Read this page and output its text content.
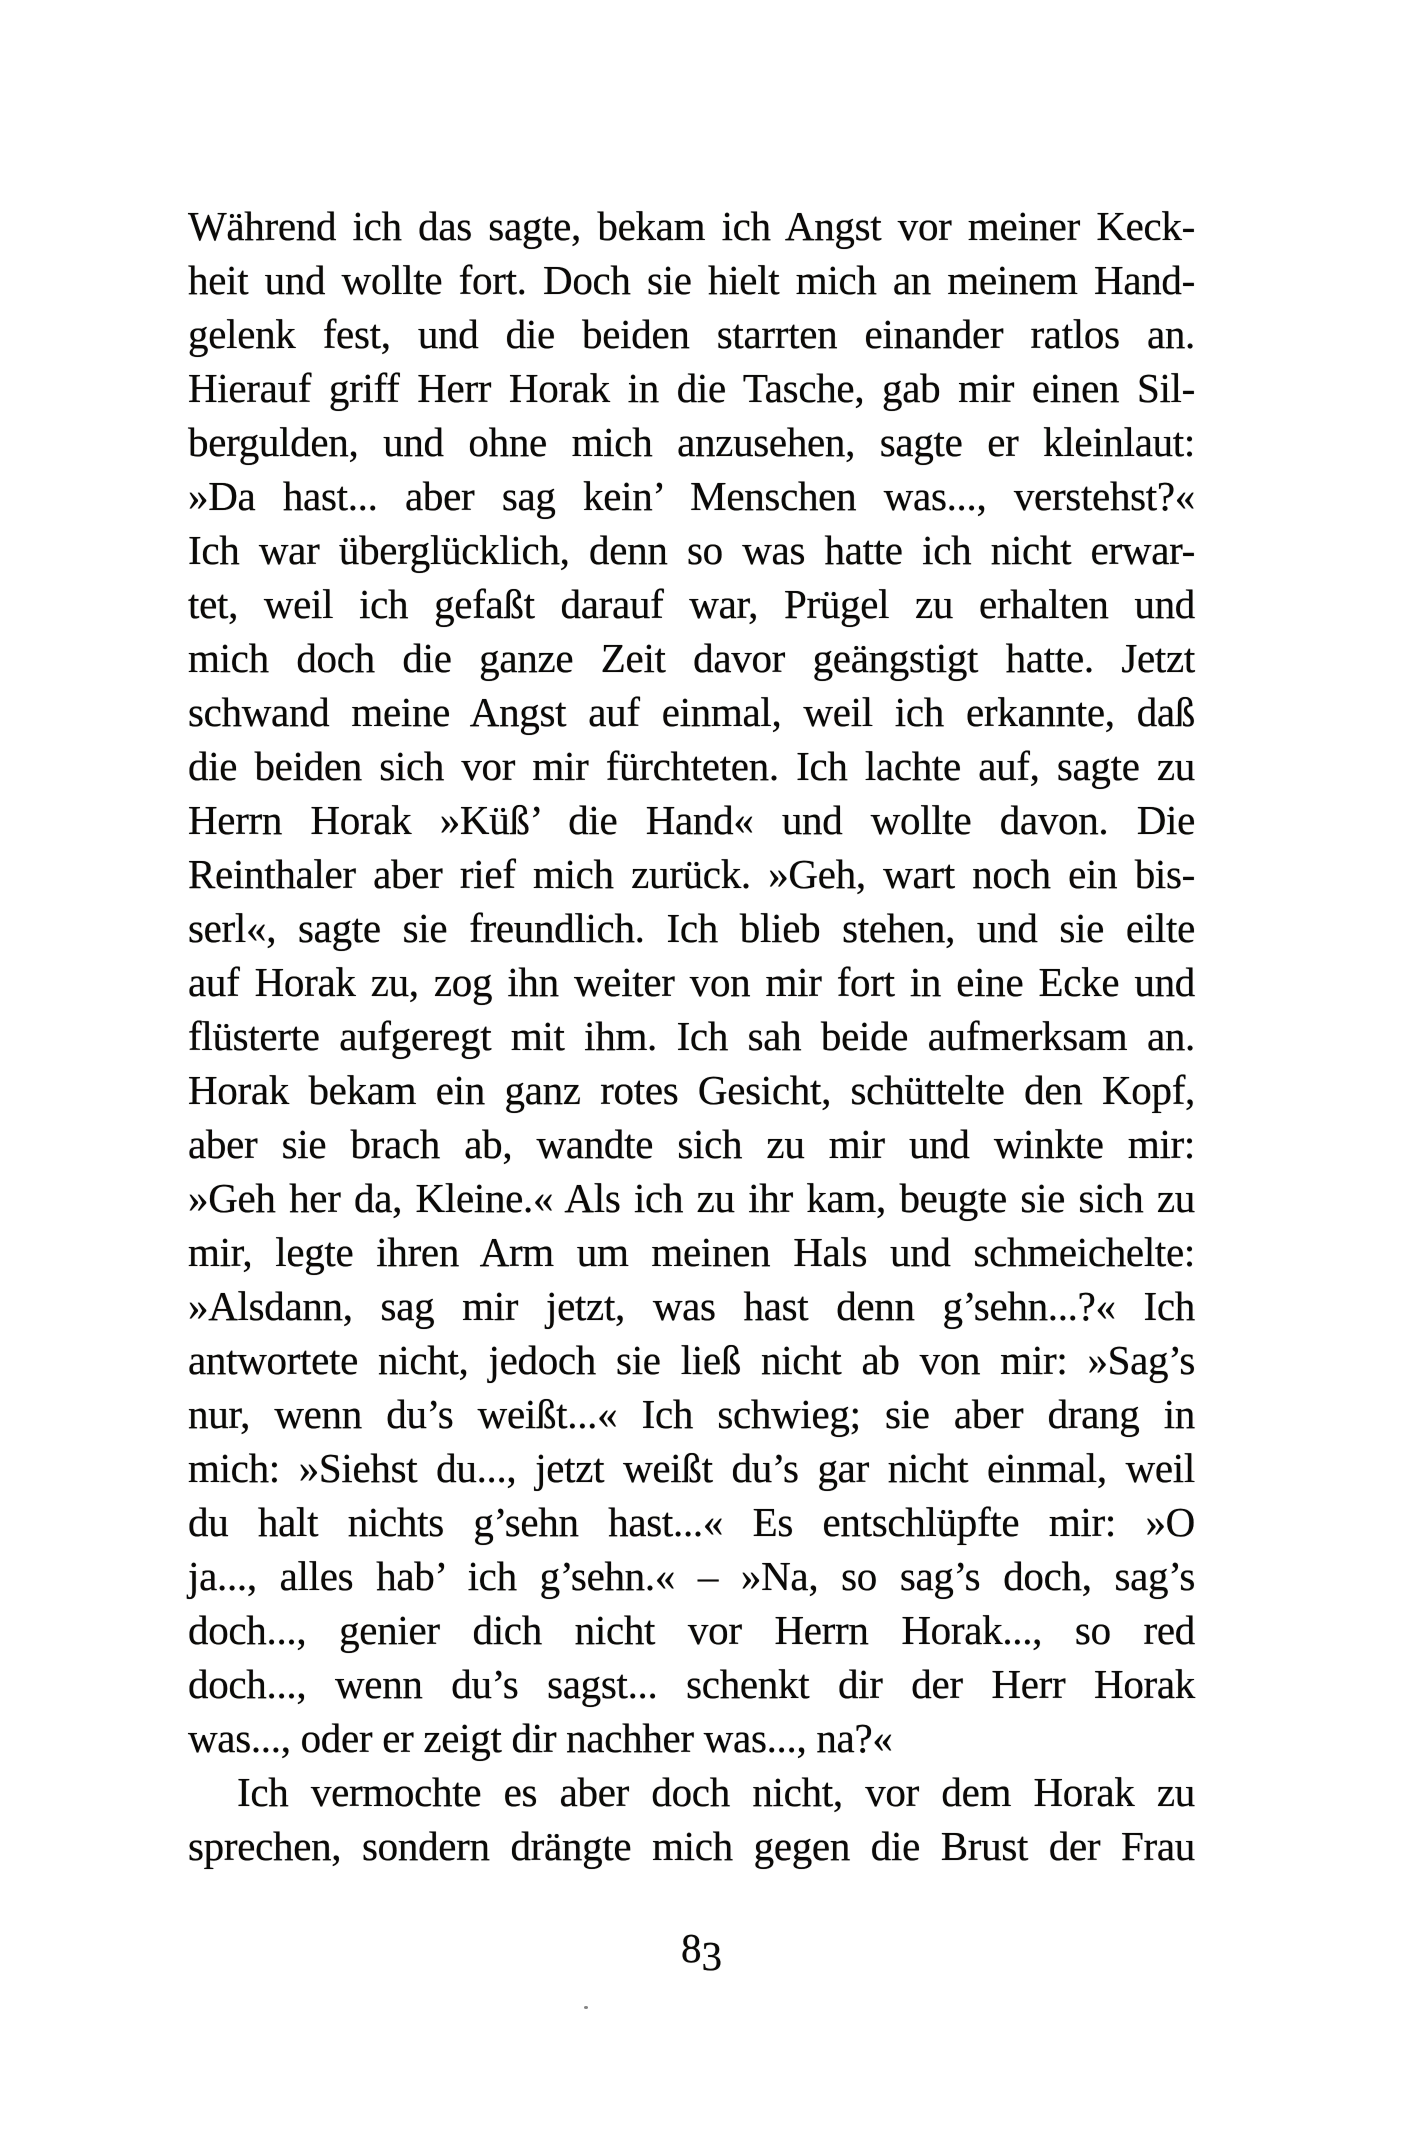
Während ich das sagte, bekam ich Angst vor meiner Keck-

heit und wollte fort. Doch sie hielt mich an meinem Hand-

gelenk fest, und die beiden starrten einander ratlos an.

Hierauf griff Herr Horak in die Tasche, gab mir einen Sil-

bergulden, und ohne mich anzusehen, sagte er kleinlaut:

»Da hast... aber sag kein’ Menschen was..., verstehst?«

Ich war überglücklich, denn so was hatte ich nicht erwar-

tet, weil ich gefaßt darauf war, Prügel zu erhalten und

mich doch die ganze Zeit davor geängstigt hatte. Jetzt

schwand meine Angst auf einmal, weil ich erkannte, daß

die beiden sich vor mir fürchteten. Ich lachte auf, sagte zu

Herrn Horak »Küß’ die Hand« und wollte davon. Die

Reinthaler aber rief mich zurück. »Geh, wart noch ein bis-

serl«, sagte sie freundlich. Ich blieb stehen, und sie eilte

auf Horak zu, zog ihn weiter von mir fort in eine Ecke und

flüsterte aufgeregt mit ihm. Ich sah beide aufmerksam an.

Horak bekam ein ganz rotes Gesicht, schüttelte den Kopf,

aber sie brach ab, wandte sich zu mir und winkte mir:

»Geh her da, Kleine.« Als ich zu ihr kam, beugte sie sich zu

mir, legte ihren Arm um meinen Hals und schmeichelte:

»Alsdann, sag mir jetzt, was hast denn g’sehn...?« Ich

antwortete nicht, jedoch sie ließ nicht ab von mir: »Sag’s

nur, wenn du’s weißt...« Ich schwieg; sie aber drang in

mich: »Siehst du..., jetzt weißt du’s gar nicht einmal, weil

du halt nichts g’sehn hast...« Es entschlüpfte mir: »O

ja..., alles hab’ ich g’sehn.« – »Na, so sag’s doch, sag’s

doch..., genier dich nicht vor Herrn Horak..., so red

doch..., wenn du’s sagst... schenkt dir der Herr Horak

was..., oder er zeigt dir nachher was..., na?«

Ich vermochte es aber doch nicht, vor dem Horak zu

sprechen, sondern drängte mich gegen die Brust der Frau

83
